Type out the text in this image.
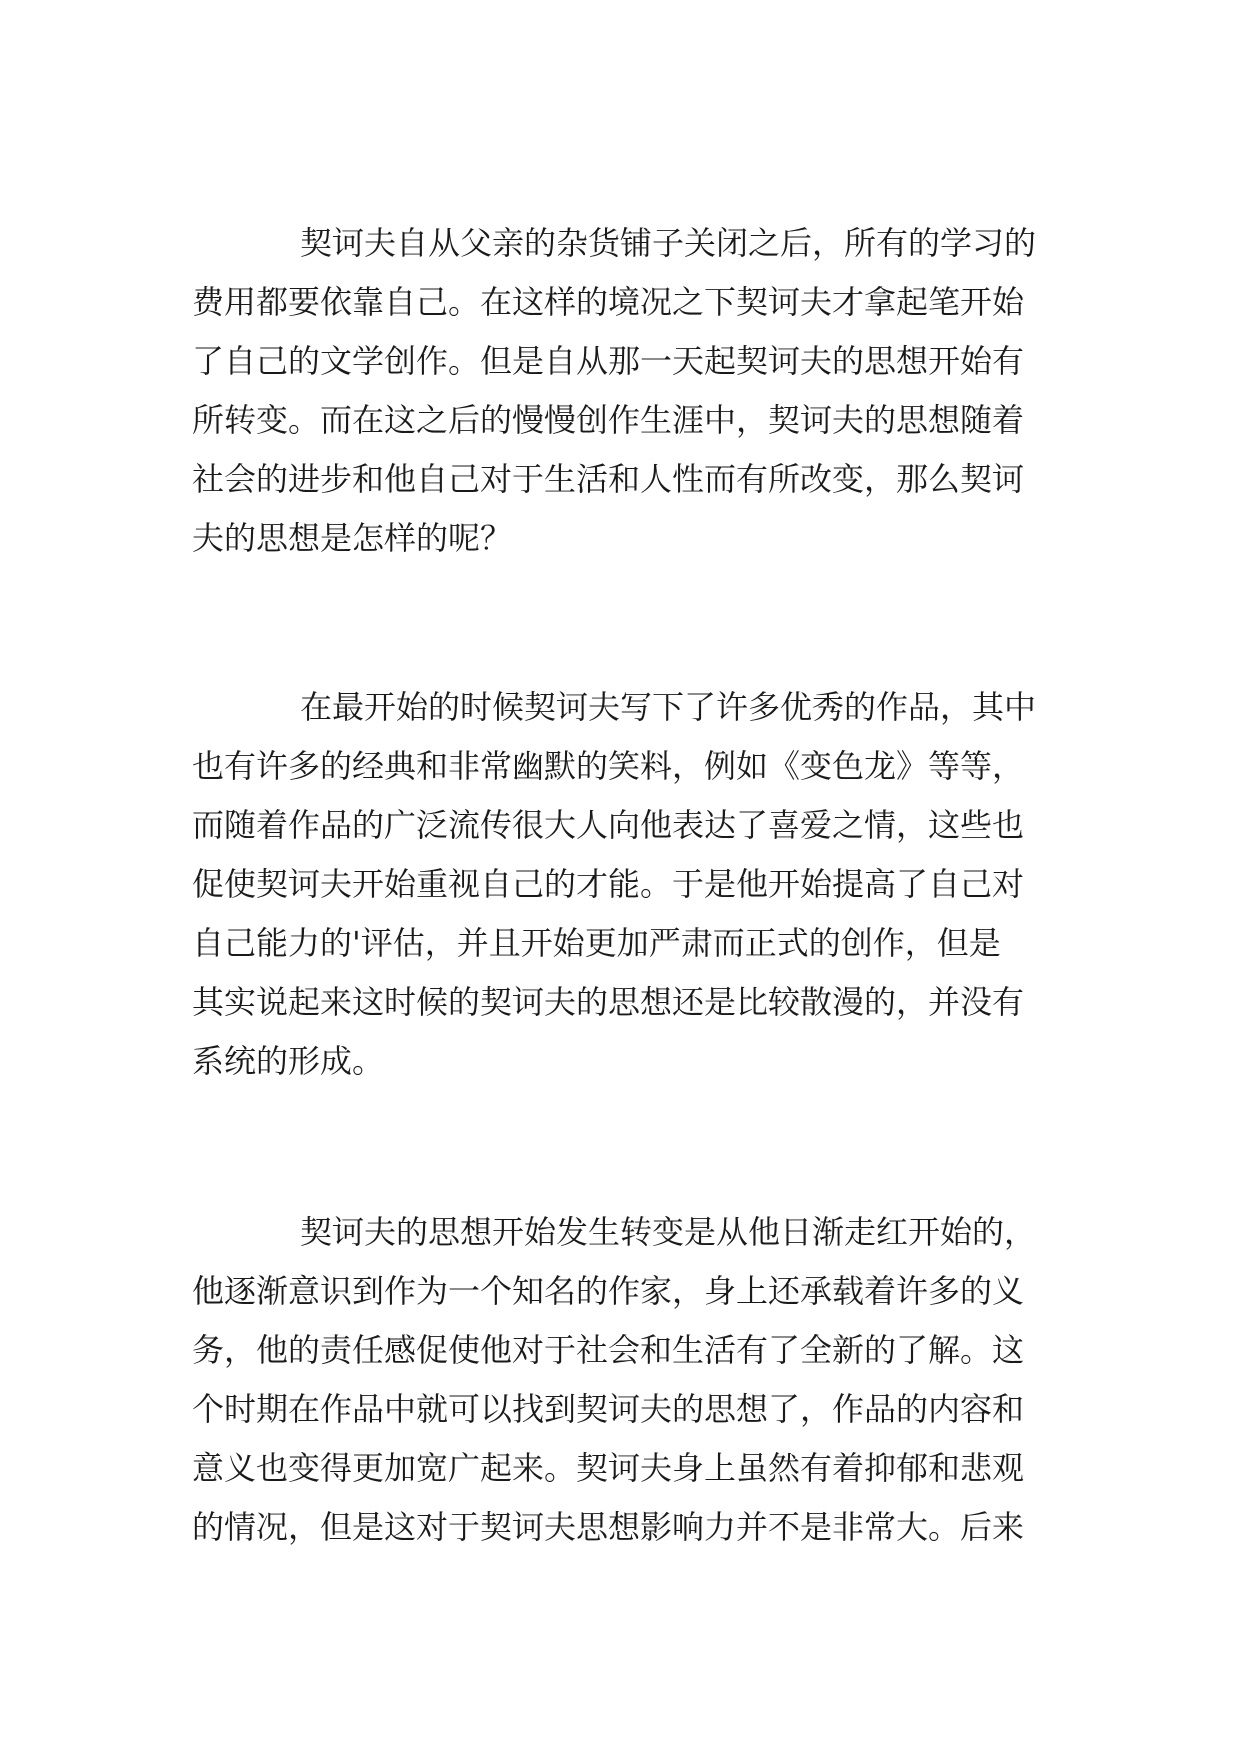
契诃夫自从父亲的杂货铺子关闭之后，所有的学习的
费用都要依靠自己。在这样的境况之下契诃夫才拿起笔开始
了自己的文学创作。但是自从那一天起契诃夫的思想开始有
所转变。而在这之后的慢慢创作生涯中，契诃夫的思想随着
社会的进步和他自己对于生活和人性而有所改变，那么契诃
夫的思想是怎样的呢？
在最开始的时候契诃夫写下了许多优秀的作品，其中
也有许多的经典和非常幽默的笑料，例如《变色龙》等等，
而随着作品的广泛流传很大人向他表达了喜爱之情，这些也
促使契诃夫开始重视自己的才能。于是他开始提高了自己对
自己能力的'评估，并且开始更加严肃而正式的创作，但是
其实说起来这时候的契诃夫的思想还是比较散漫的，并没有
系统的形成。
契诃夫的思想开始发生转变是从他日渐走红开始的，
他逐渐意识到作为一个知名的作家，身上还承载着许多的义
务，他的责任感促使他对于社会和生活有了全新的了解。这
个时期在作品中就可以找到契诃夫的思想了，作品的内容和
意义也变得更加宽广起来。契诃夫身上虽然有着抑郁和悲观
的情况，但是这对于契诃夫思想影响力并不是非常大。后来
